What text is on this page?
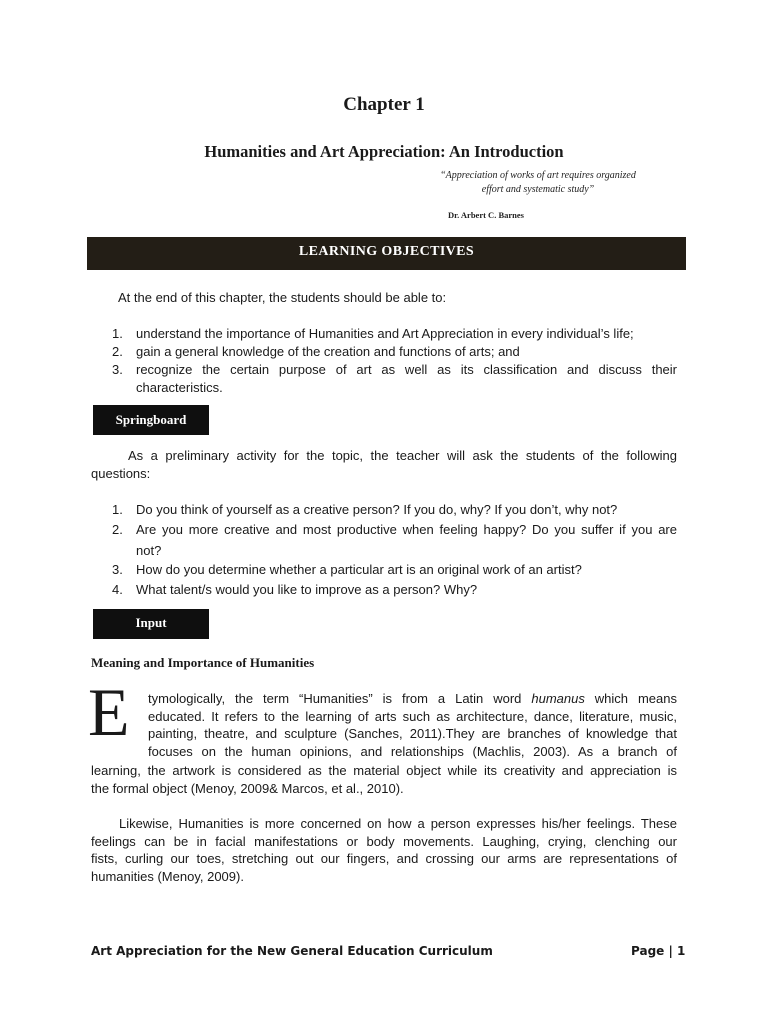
Chapter 1
Humanities and Art Appreciation: An Introduction
“Appreciation of works of art requires organized
effort and systematic study”
Dr. Arbert C. Barnes
LEARNING OBJECTIVES
At the end of this chapter, the students should be able to:
1. understand the importance of Humanities and Art Appreciation in every individual’s life;
2. gain a general knowledge of the creation and functions of arts; and
3. recognize the certain purpose of art as well as its classification and discuss their
characteristics.
Springboard
As a preliminary activity for the topic, the teacher will ask the students of the following
questions:
1. Do you think of yourself as a creative person? If you do, why? If you don’t, why not?
2. Are you more creative and most productive when feeling happy? Do you suffer if you are
not?
3. How do you determine whether a particular art is an original work of an artist?
4. What talent/s would you like to improve as a person? Why?
Input
Meaning and Importance of Humanities
E tymologically, the term “Humanities” is from a Latin word humanus which means
educated. It refers to the learning of arts such as architecture, dance, literature, music,
painting, theatre, and sculpture (Sanches, 2011).They are branches of knowledge that
focuses on the human opinions, and relationships (Machlis, 2003). As a branch of
learning, the artwork is considered as the material object while its creativity and appreciation is
the formal object (Menoy, 2009& Marcos, et al., 2010).
Likewise, Humanities is more concerned on how a person expresses his/her feelings. These
feelings can be in facial manifestations or body movements. Laughing, crying, clenching our
fists, curling our toes, stretching out our fingers, and crossing our arms are representations of
humanities (Menoy, 2009).
Art Appreciation for the New General Education Curriculum	Page | 1
